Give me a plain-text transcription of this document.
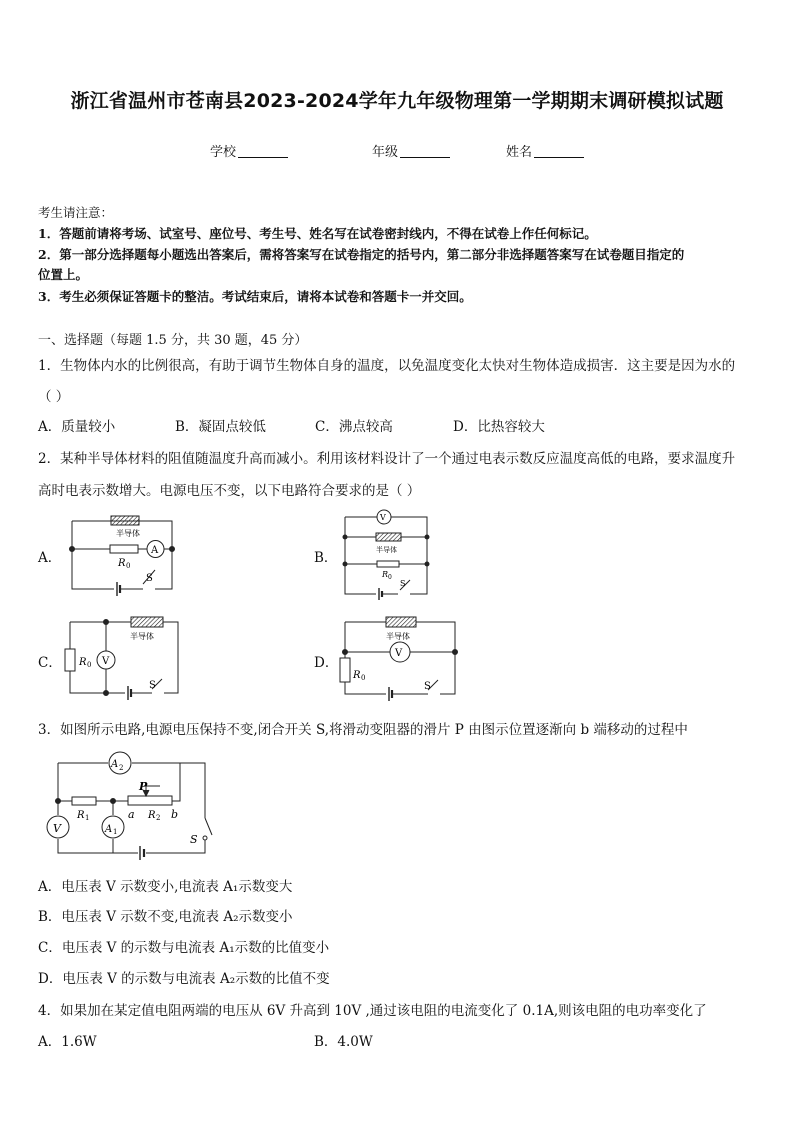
浙江省温州市苍南县2023-2024学年九年级物理第一学期期末调研模拟试题
学校	年级	姓名
考生请注意：
1．答题前请将考场、试室号、座位号、考生号、姓名写在试卷密封线内，不得在试卷上作任何标记。
2．第一部分选择题每小题选出答案后，需将答案写在试卷指定的括号内，第二部分非选择题答案写在试卷题目指定的
位置上。
3．考生必须保证答题卡的整洁。考试结束后，请将本试卷和答题卡一并交回。
一、选择题（每题 1.5 分，共 30 题，45 分）
1．生物体内水的比例很高，有助于调节生物体自身的温度，以免温度变化太快对生物体造成损害．这主要是因为水的
（ ）
A．质量较小	B．凝固点较低	C．沸点较高	D．比热容较大
2．某种半导体材料的阻值随温度升高而减小。利用该材料设计了一个通过电表示数反应温度高低的电路，要求温度升
高时电表示数增大。电源电压不变，以下电路符合要求的是（ ）
A．	B．
C．	D．
半导体
A
R 0
S
V
半导体
R 0
S
半导体
R 0 V
S
半导体
R 0
V
S
A 2
V	A 1
R 1	R 2
P
a	b
S
3．如图所示电路,电源电压保持不变,闭合开关 S,将滑动变阻器的滑片 P 由图示位置逐渐向 b 端移动的过程中
A．电压表 V 示数变小,电流表 A₁示数变大
B．电压表 V 示数不变,电流表 A₂示数变小
C．电压表 V 的示数与电流表 A₁示数的比值变小
D．电压表 V 的示数与电流表 A₂示数的比值不变
4．如果加在某定值电阻两端的电压从 6V 升高到 10V ,通过该电阻的电流变化了 0.1A,则该电阻的电功率变化了
A．1.6W	B．4.0W
